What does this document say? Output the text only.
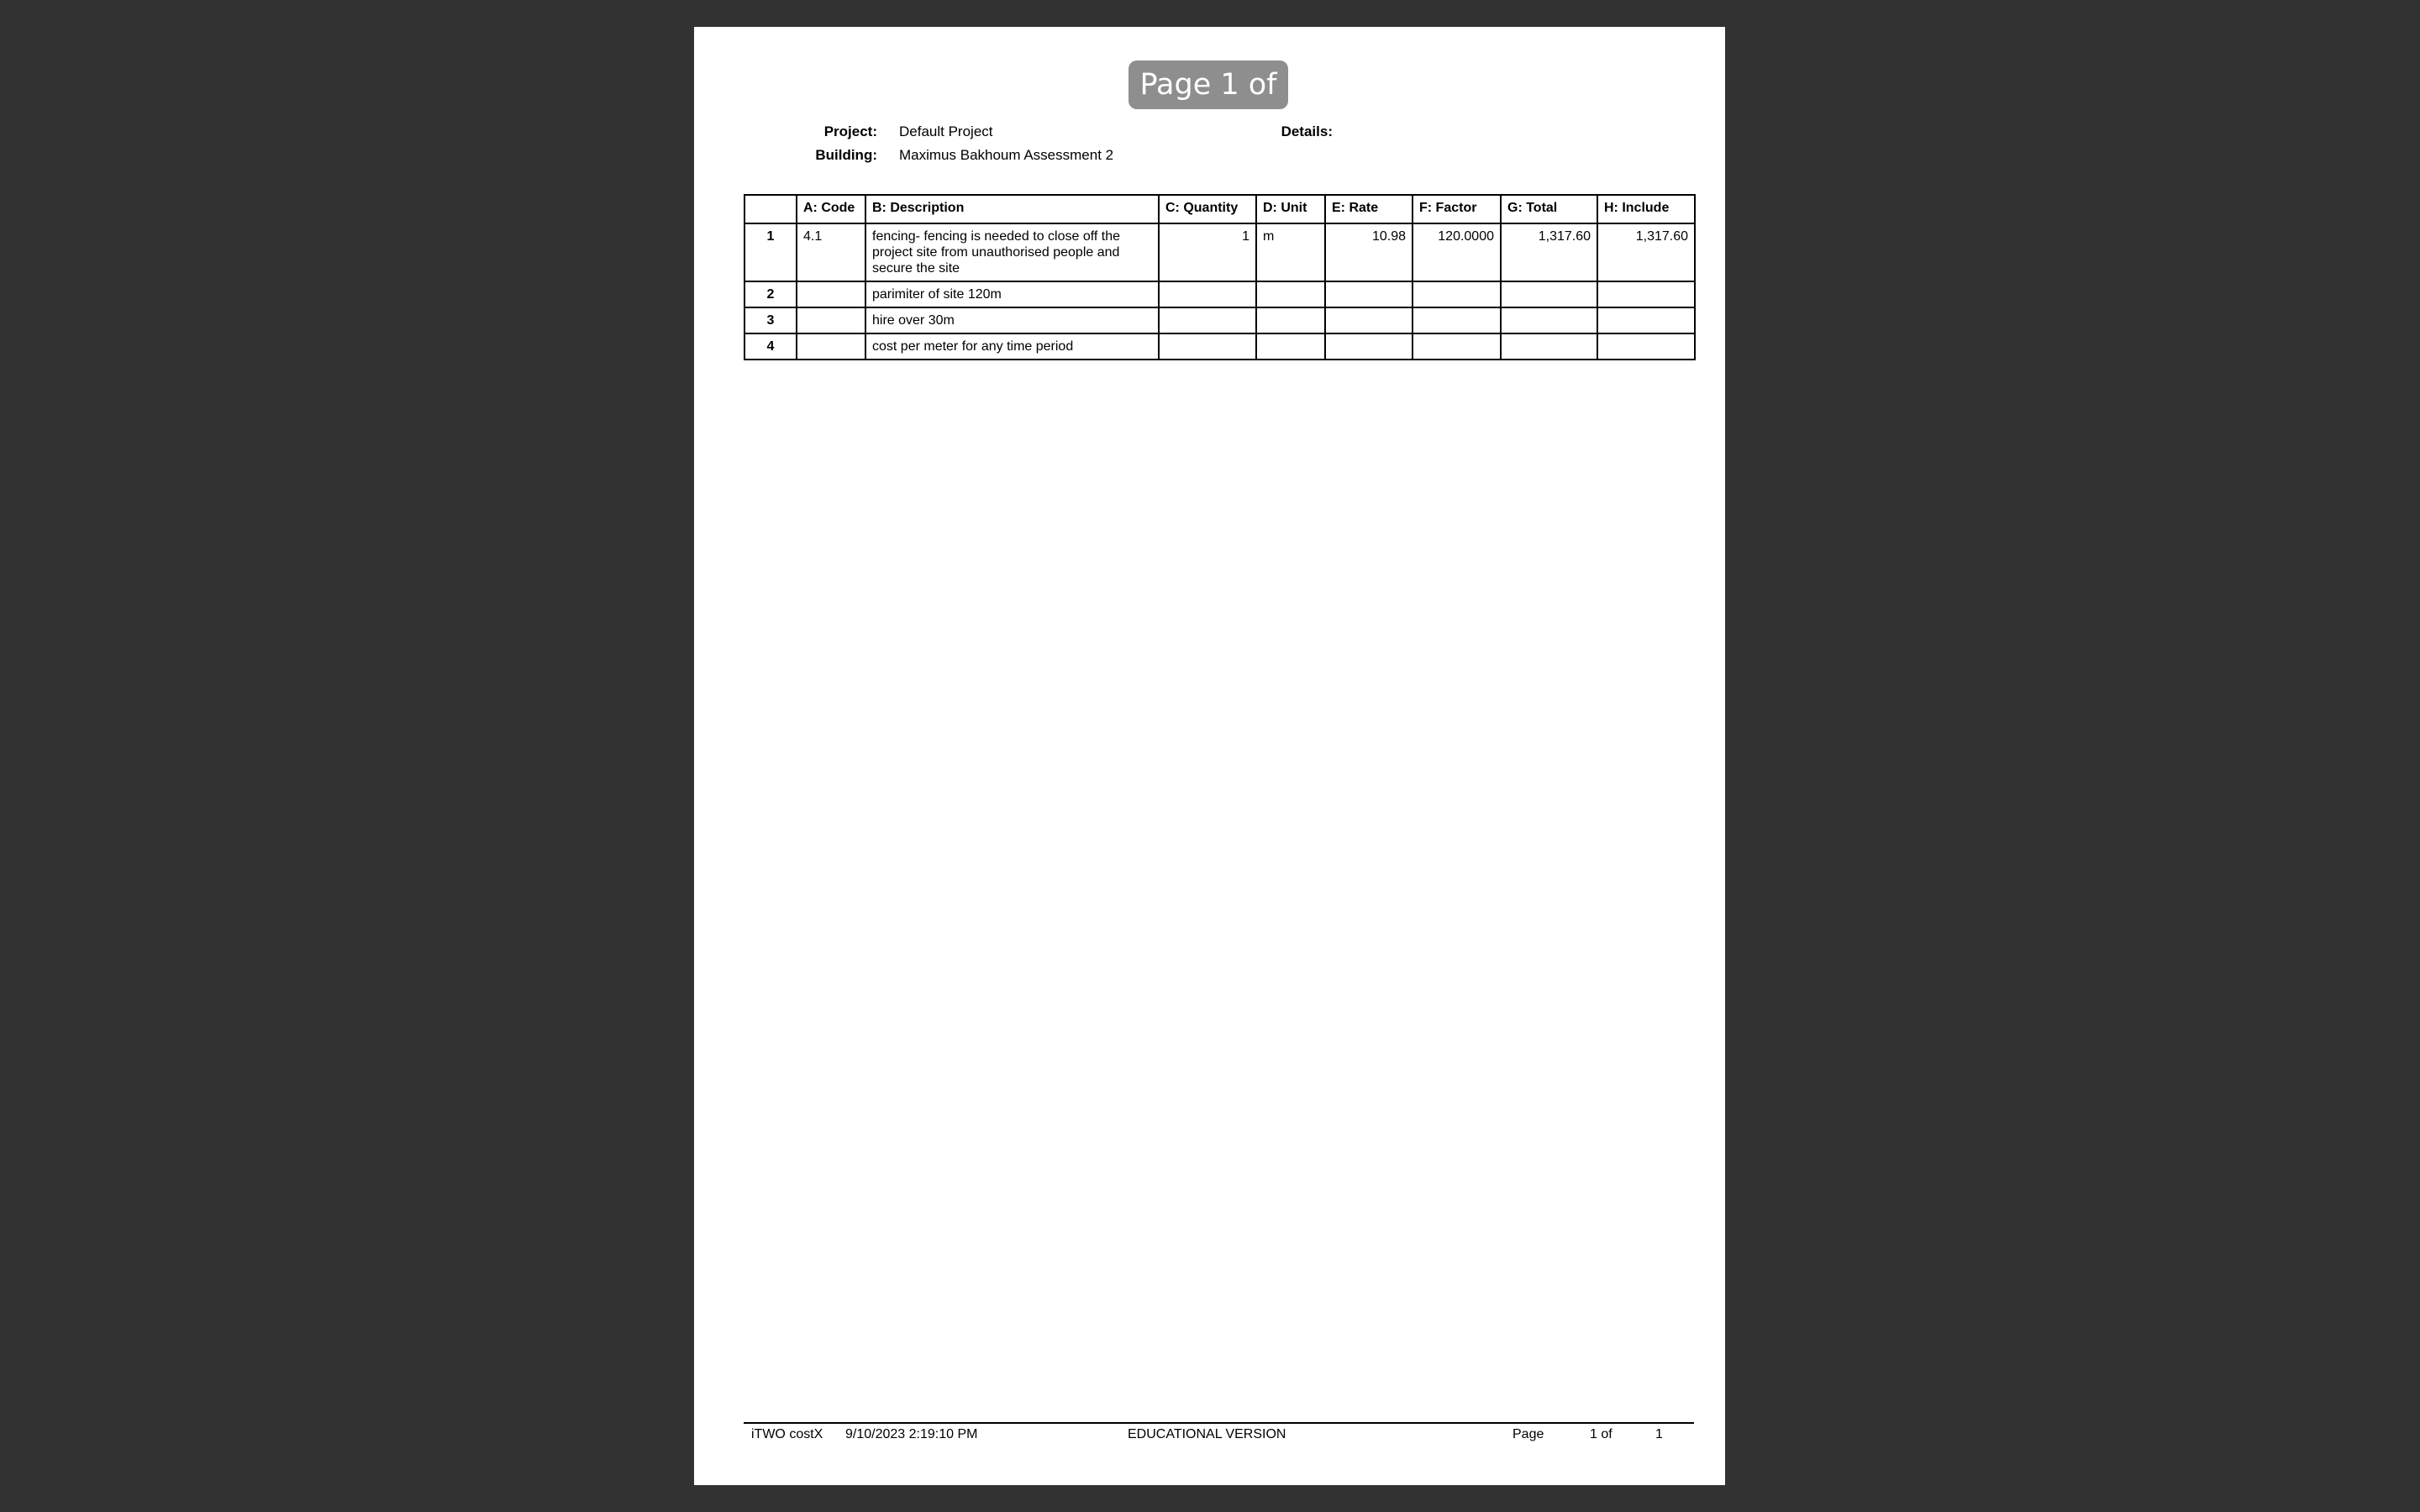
Page 1 of 1
Project: Default Project
Building: Maximus Bakhoum Assessment 2
Details:
	A: Code	B: Description	C: Quantity	D: Unit	E: Rate	F: Factor	G: Total	H: Include
1	4.1	fencing- fencing is needed to close off the project site from unauthorised people and secure the site	1	m	10.98	120.0000	1,317.60	1,317.60
2		parimiter of site 120m						
3		hire over 30m						
4		cost per meter for any time period						
iTWO costX 9/10/2023 2:19:10 PM	EDUCATIONAL VERSION	Page	1 of	1
